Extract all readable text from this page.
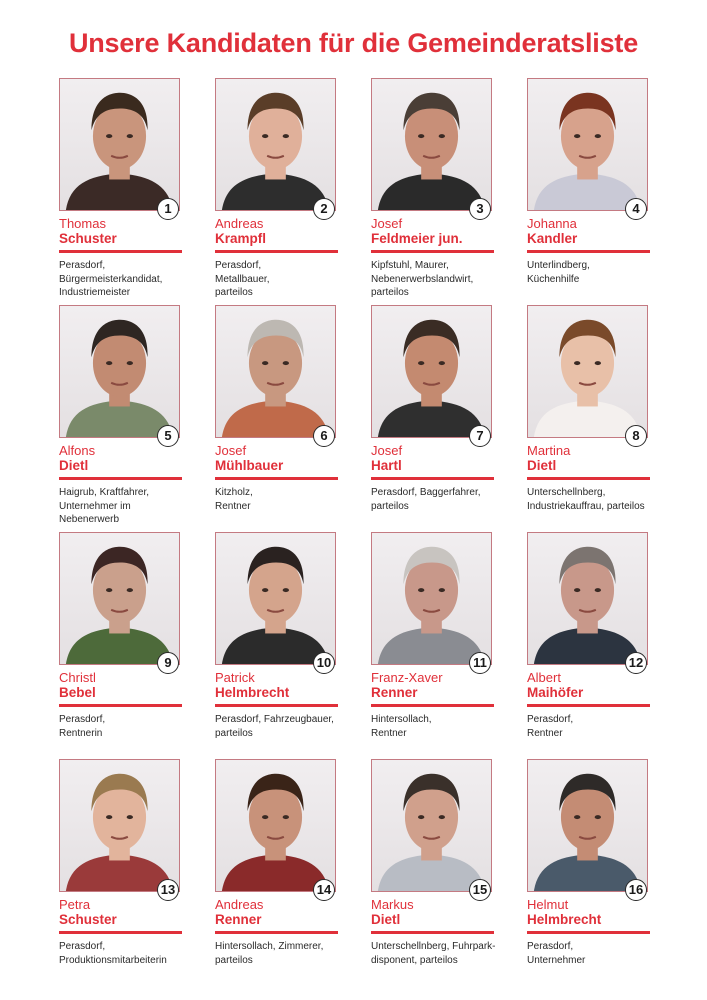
Unsere Kandidaten für die Gemeinderatsliste
1
Thomas
Schuster
Perasdorf,
Bürgermeisterkandidat,
Industriemeister
2
Andreas
Krampfl
Perasdorf,
Metallbauer,
parteilos
3
Josef
Feldmeier jun.
Kipfstuhl, Maurer,
Nebenerwerbslandwirt,
parteilos
4
Johanna
Kandler
Unterlindberg,
Küchenhilfe
5
Alfons
Dietl
Haigrub, Kraftfahrer,
Unternehmer im
Nebenerwerb
6
Josef
Mühlbauer
Kitzholz,
Rentner
7
Josef
Hartl
Perasdorf, Baggerfahrer,
parteilos
8
Martina
Dietl
Unterschellnberg,
Industriekauffrau, parteilos
9
Christl
Bebel
Perasdorf,
Rentnerin
10
Patrick
Helmbrecht
Perasdorf, Fahrzeugbauer,
parteilos
11
Franz-Xaver
Renner
Hintersollach,
Rentner
12
Albert
Maihöfer
Perasdorf,
Rentner
13
Petra
Schuster
Perasdorf,
Produktionsmitarbeiterin
14
Andreas
Renner
Hintersollach, Zimmerer,
parteilos
15
Markus
Dietl
Unterschellnberg, Fuhrpark-
disponent, parteilos
16
Helmut
Helmbrecht
Perasdorf,
Unternehmer
